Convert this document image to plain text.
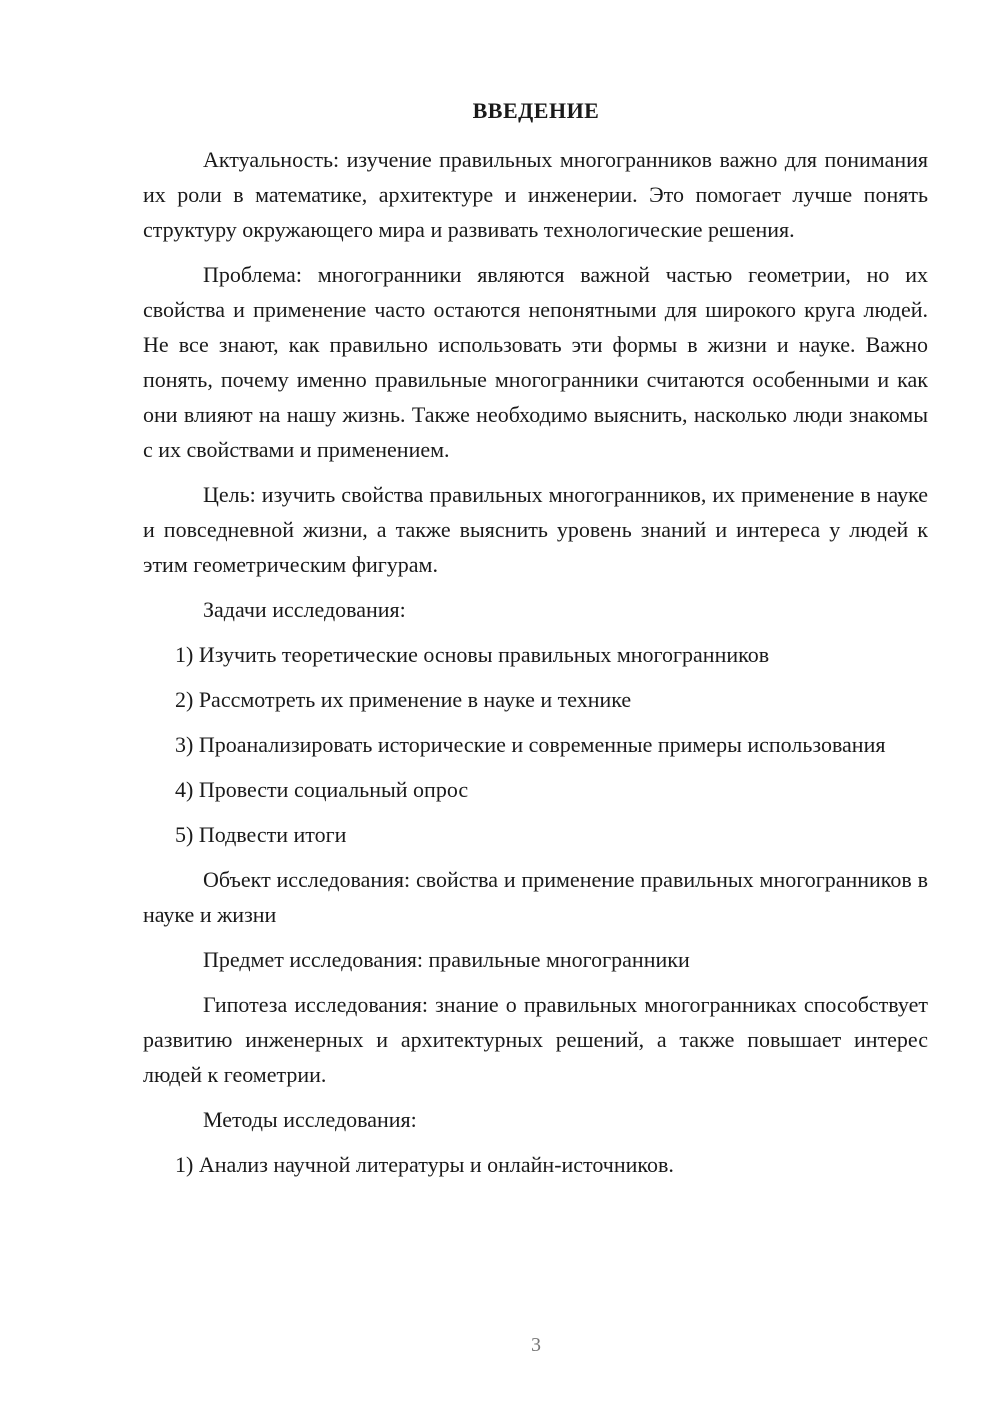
ВВЕДЕНИЕ

Актуальность: изучение правильных многогранников важно для понимания их роли в математике, архитектуре и инженерии. Это помогает лучше понять структуру окружающего мира и развивать технологические решения.

Проблема: многогранники являются важной частью геометрии, но их свойства и применение часто остаются непонятными для широкого круга людей. Не все знают, как правильно использовать эти формы в жизни и науке. Важно понять, почему именно правильные многогранники считаются особенными и как они влияют на нашу жизнь. Также необходимо выяснить, насколько люди знакомы с их свойствами и применением.

Цель: изучить свойства правильных многогранников, их применение в науке и повседневной жизни, а также выяснить уровень знаний и интереса у людей к этим геометрическим фигурам.

Задачи исследования:

1) Изучить теоретические основы правильных многогранников

2) Рассмотреть их применение в науке и технике

3) Проанализировать исторические и современные примеры использования

4) Провести социальный опрос

5) Подвести итоги

Объект исследования: свойства и применение правильных многогранников в науке и жизни

Предмет исследования: правильные многогранники

Гипотеза исследования: знание о правильных многогранниках способствует развитию инженерных и архитектурных решений, а также повышает интерес людей к геометрии.

Методы исследования:

1) Анализ научной литературы и онлайн-источников.

3
